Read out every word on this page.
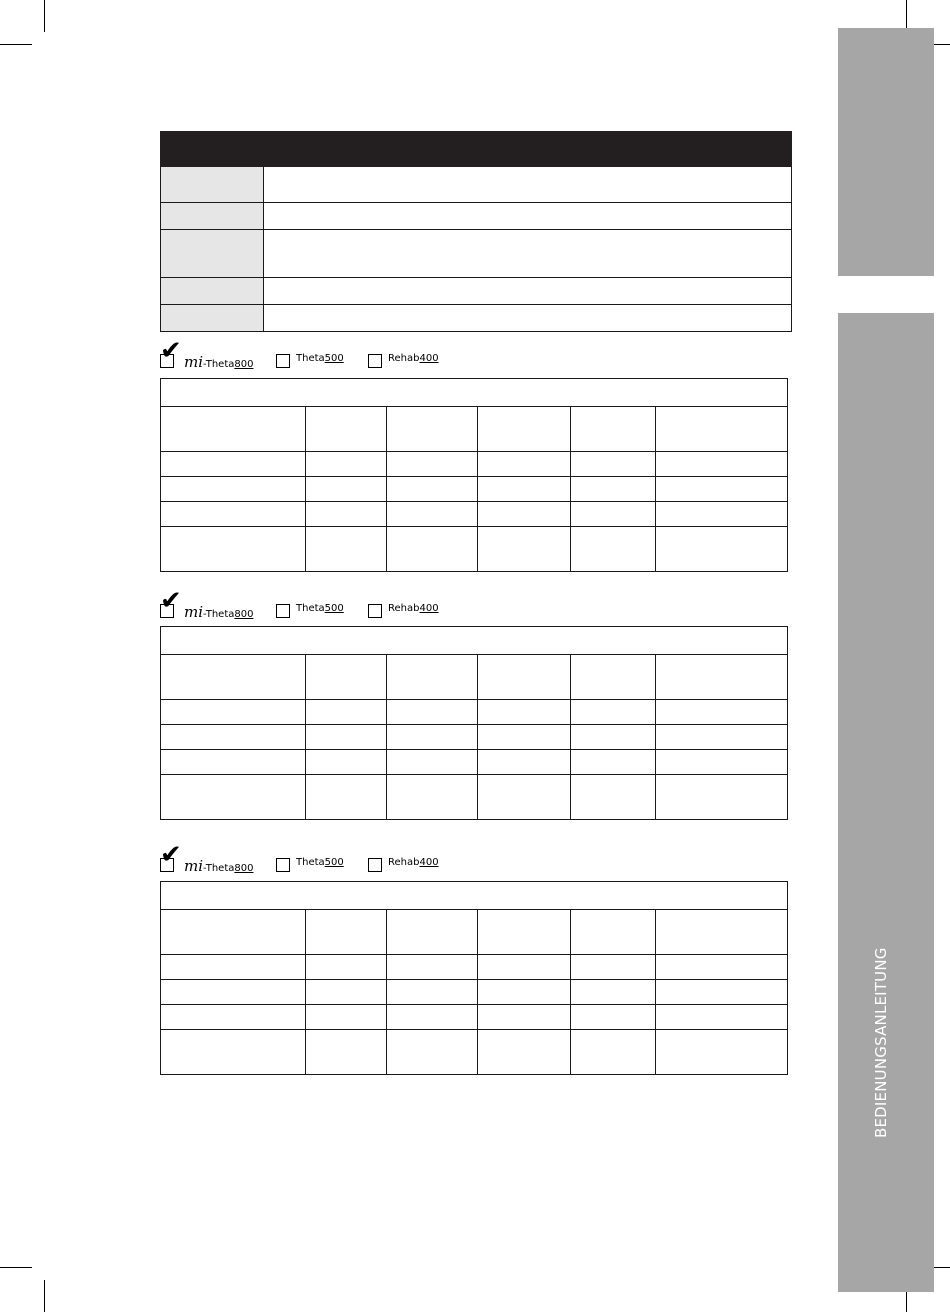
BEDIENUNGSANLEITUNG

✔ mi-Theta800
Theta500	Rehab400

✔ mi-Theta800
Theta500	Rehab400

✔ mi-Theta800
Theta500	Rehab400
